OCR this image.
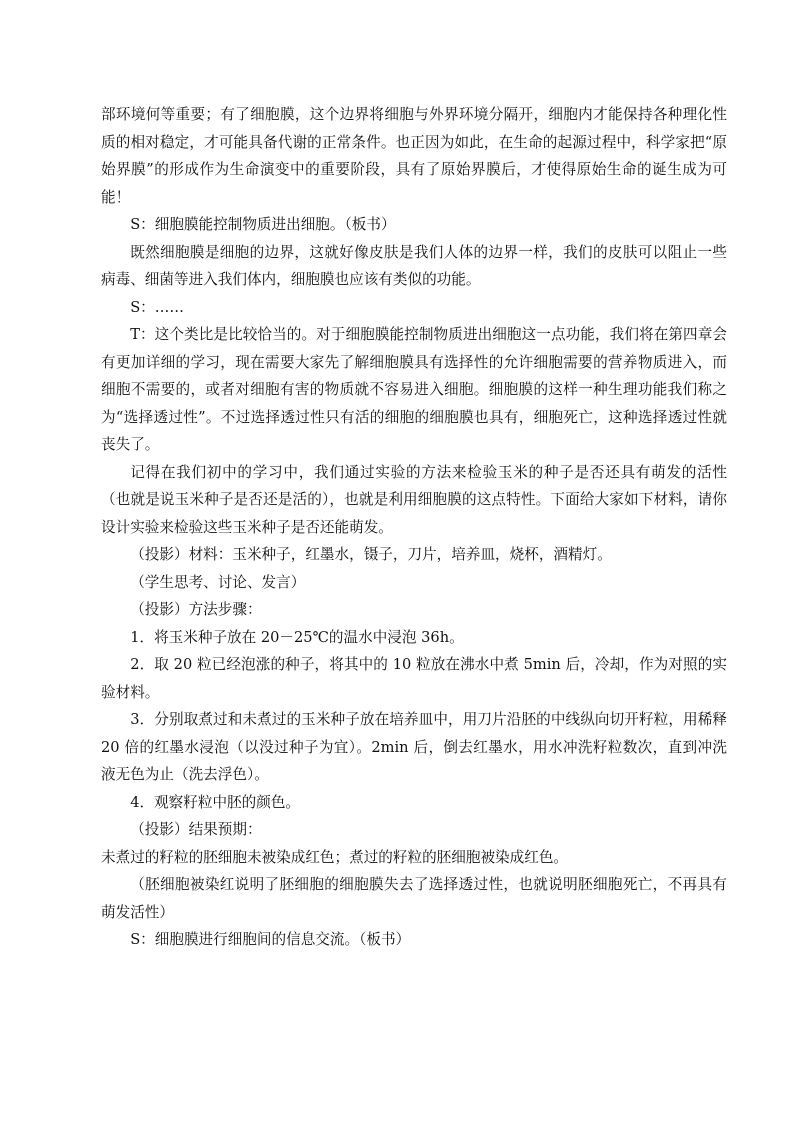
部环境何等重要；有了细胞膜，这个边界将细胞与外界环境分隔开，细胞内才能保持各种理化性质的相对稳定，才可能具备代谢的正常条件。也正因为如此，在生命的起源过程中，科学家把“原始界膜”的形成作为生命演变中的重要阶段，具有了原始界膜后，才使得原始生命的诞生成为可能！

S：细胞膜能控制物质进出细胞。（板书）

既然细胞膜是细胞的边界，这就好像皮肤是我们人体的边界一样，我们的皮肤可以阻止一些病毒、细菌等进入我们体内，细胞膜也应该有类似的功能。

S：……

T：这个类比是比较恰当的。对于细胞膜能控制物质进出细胞这一点功能，我们将在第四章会有更加详细的学习，现在需要大家先了解细胞膜具有选择性的允许细胞需要的营养物质进入，而细胞不需要的，或者对细胞有害的物质就不容易进入细胞。细胞膜的这样一种生理功能我们称之为“选择透过性”。不过选择透过性只有活的细胞的细胞膜也具有，细胞死亡，这种选择透过性就丧失了。

记得在我们初中的学习中，我们通过实验的方法来检验玉米的种子是否还具有萌发的活性（也就是说玉米种子是否还是活的），也就是利用细胞膜的这点特性。下面给大家如下材料，请你设计实验来检验这些玉米种子是否还能萌发。

（投影）材料：玉米种子，红墨水，镊子，刀片，培养皿，烧杯，酒精灯。

（学生思考、讨论、发言）

（投影）方法步骤：

1．将玉米种子放在 20－25℃的温水中浸泡 36h。

2．取 20 粒已经泡涨的种子，将其中的 10 粒放在沸水中煮 5min 后，冷却，作为对照的实验材料。

3．分别取煮过和未煮过的玉米种子放在培养皿中，用刀片沿胚的中线纵向切开籽粒，用稀释 20 倍的红墨水浸泡（以没过种子为宜）。2min 后，倒去红墨水，用水冲洗籽粒数次，直到冲洗液无色为止（洗去浮色）。

4．观察籽粒中胚的颜色。

（投影）结果预期：

未煮过的籽粒的胚细胞未被染成红色；煮过的籽粒的胚细胞被染成红色。

（胚细胞被染红说明了胚细胞的细胞膜失去了选择透过性，也就说明胚细胞死亡，不再具有萌发活性）

S：细胞膜进行细胞间的信息交流。（板书）
